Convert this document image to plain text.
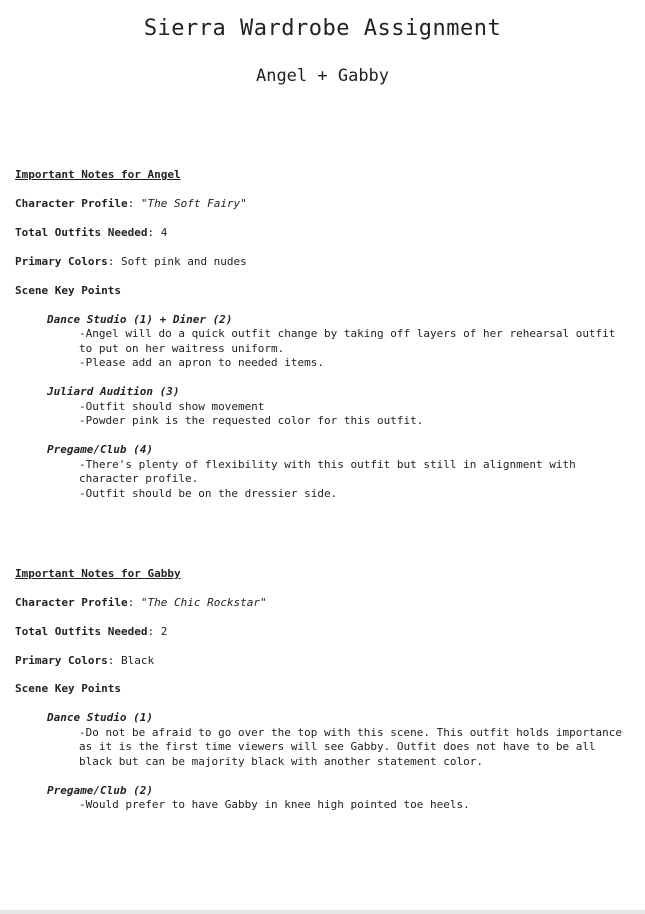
Sierra Wardrobe Assignment
Angel + Gabby
Important Notes for Angel
Character Profile: "The Soft Fairy"
Total Outfits Needed: 4
Primary Colors: Soft pink and nudes
Scene Key Points
Dance Studio (1) + Diner (2)
-Angel will do a quick outfit change by taking off layers of her rehearsal outfit
to put on her waitress uniform.
-Please add an apron to needed items.
Juliard Audition (3)
-Outfit should show movement
-Powder pink is the requested color for this outfit.
Pregame/Club (4)
-There's plenty of flexibility with this outfit but still in alignment with
character profile.
-Outfit should be on the dressier side.
Important Notes for Gabby
Character Profile: "The Chic Rockstar"
Total Outfits Needed: 2
Primary Colors: Black
Scene Key Points
Dance Studio (1)
-Do not be afraid to go over the top with this scene. This outfit holds importance
as it is the first time viewers will see Gabby. Outfit does not have to be all
black but can be majority black with another statement color.
Pregame/Club (2)
-Would prefer to have Gabby in knee high pointed toe heels.
